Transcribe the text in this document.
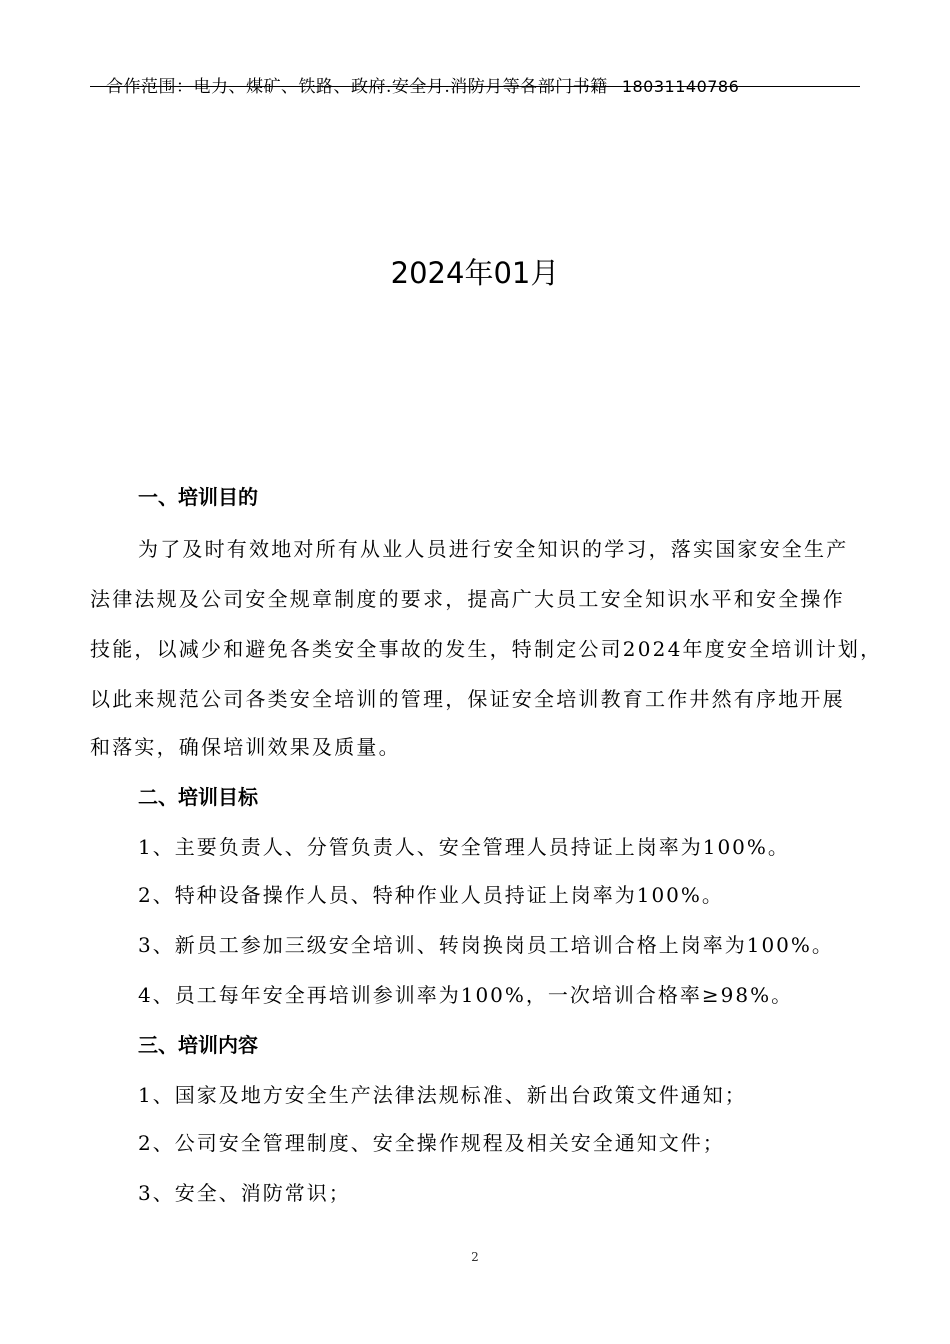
合作范围：电力、煤矿、铁路、政府.安全月.消防月等各部门书籍 18031140786
2024年01月
一、培训目的
为了及时有效地对所有从业人员进行安全知识的学习，落实国家安全生产
法律法规及公司安全规章制度的要求，提高广大员工安全知识水平和安全操作
技能，以减少和避免各类安全事故的发生，特制定公司2024年度安全培训计划，
以此来规范公司各类安全培训的管理，保证安全培训教育工作井然有序地开展
和落实，确保培训效果及质量。
二、培训目标
1、主要负责人、分管负责人、安全管理人员持证上岗率为100%。
2、特种设备操作人员、特种作业人员持证上岗率为100%。
3、新员工参加三级安全培训、转岗换岗员工培训合格上岗率为100%。
4、员工每年安全再培训参训率为100%，一次培训合格率≥98%。
三、培训内容
1、国家及地方安全生产法律法规标准、新出台政策文件通知；
2、公司安全管理制度、安全操作规程及相关安全通知文件；
3、安全、消防常识；
2
